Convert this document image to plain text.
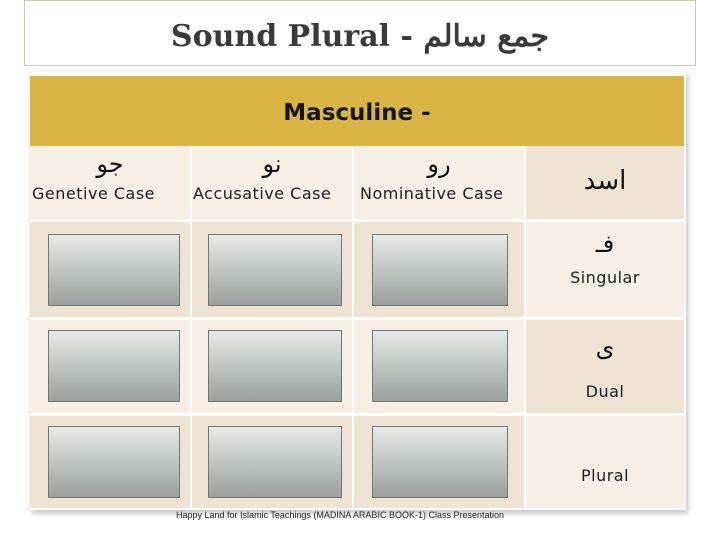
Sound Plural - جمع سالم
Masculine -
جو
Genetive Case
نو
Accusative Case
رو
Nominative Case	اسد
فـ
Singular
ى
Dual
Plural
Happy Land for Islamic Teachings (MADINA ARABIC BOOK-1) Class Presentation
